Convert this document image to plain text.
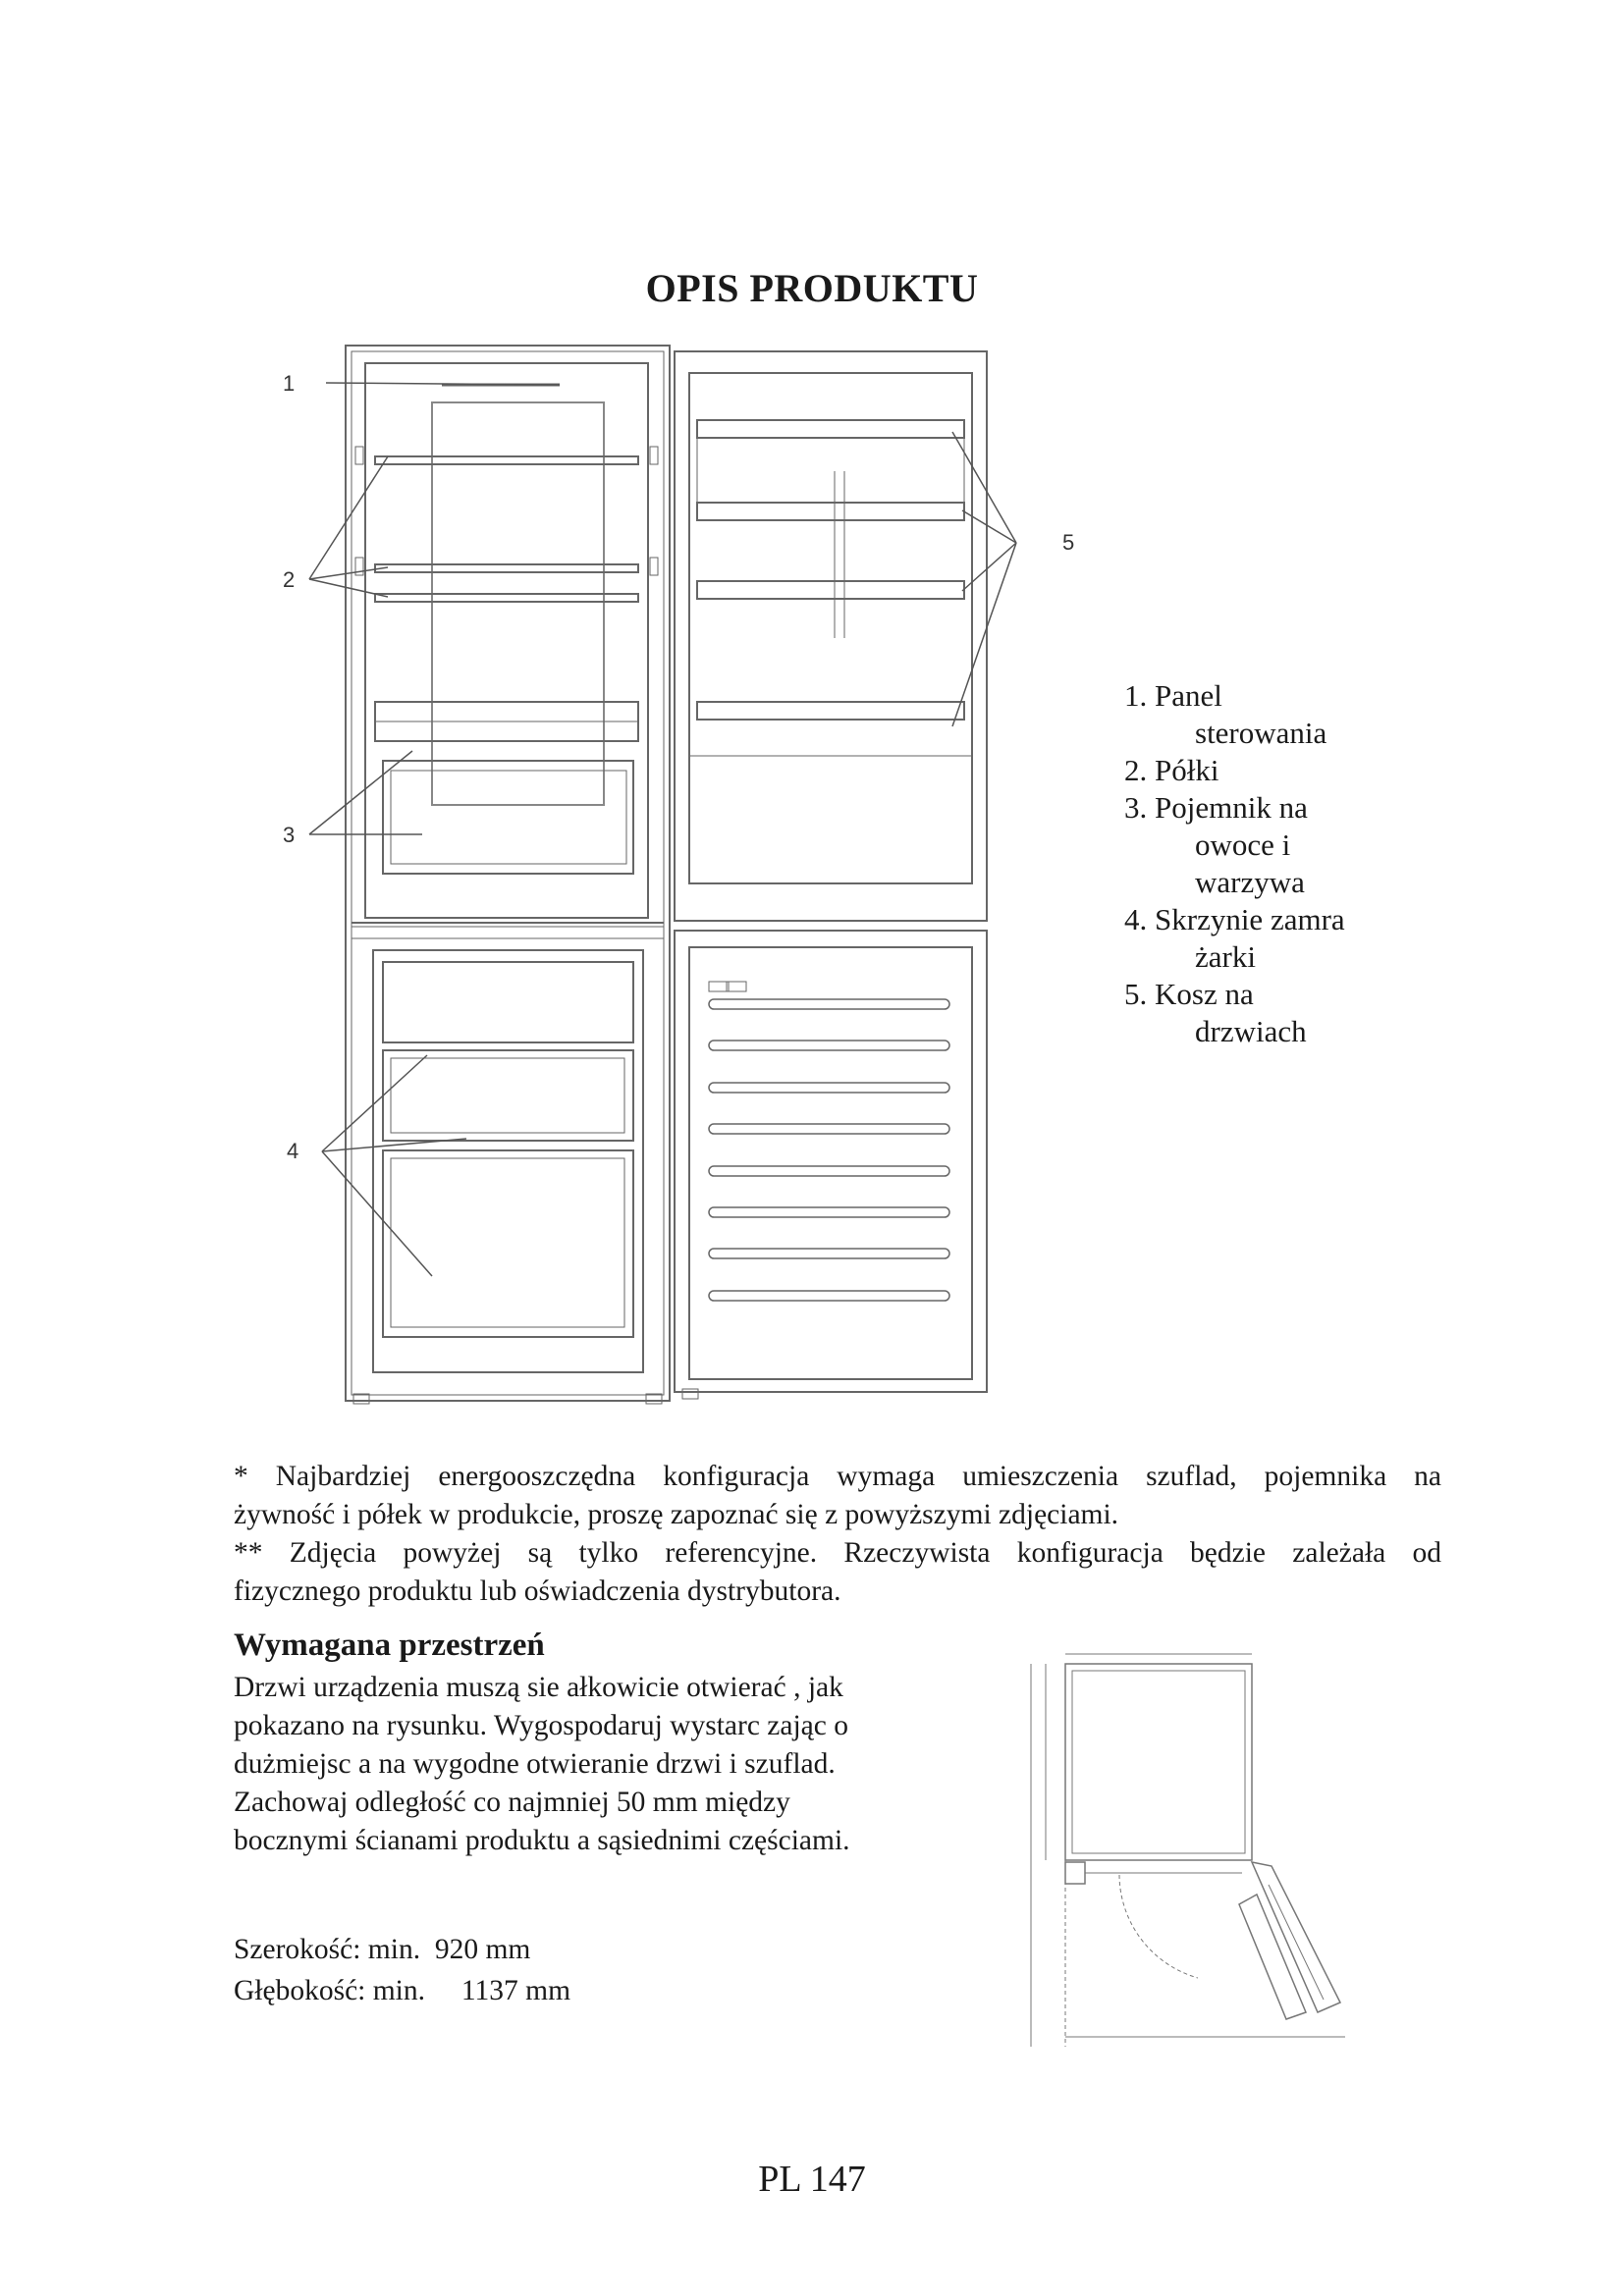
OPIS PRODUKTU
1
2
3
4
5
1. Panel
sterowania
2. Półki
3. Pojemnik na
owoce i
warzywa
4. Skrzynie zamra
żarki
5. Kosz na
drzwiach

* Najbardziej energooszczędna konfiguracja wymaga umieszczenia szuflad, pojemnika na

żywność i półek w produkcie, proszę zapoznać się z powyższymi zdjęciami.

** Zdjęcia powyżej są tylko referencyjne. Rzeczywista konfiguracja będzie zależała od

fizycznego produktu lub oświadczenia dystrybutora.

Wymagana przestrzeń

Drzwi urządzenia muszą sie ałkowicie otwierać , jak

pokazano na rysunku. Wygospodaruj wystarc zając o

dużmiejsc a na wygodne otwieranie drzwi i szuflad.

Zachowaj odległość co najmniej 50 mm między

bocznymi ścianami produktu a sąsiednimi częściami.

Szerokość: min.  920 mm

Głębokość: min.     1137 mm

PL 147
